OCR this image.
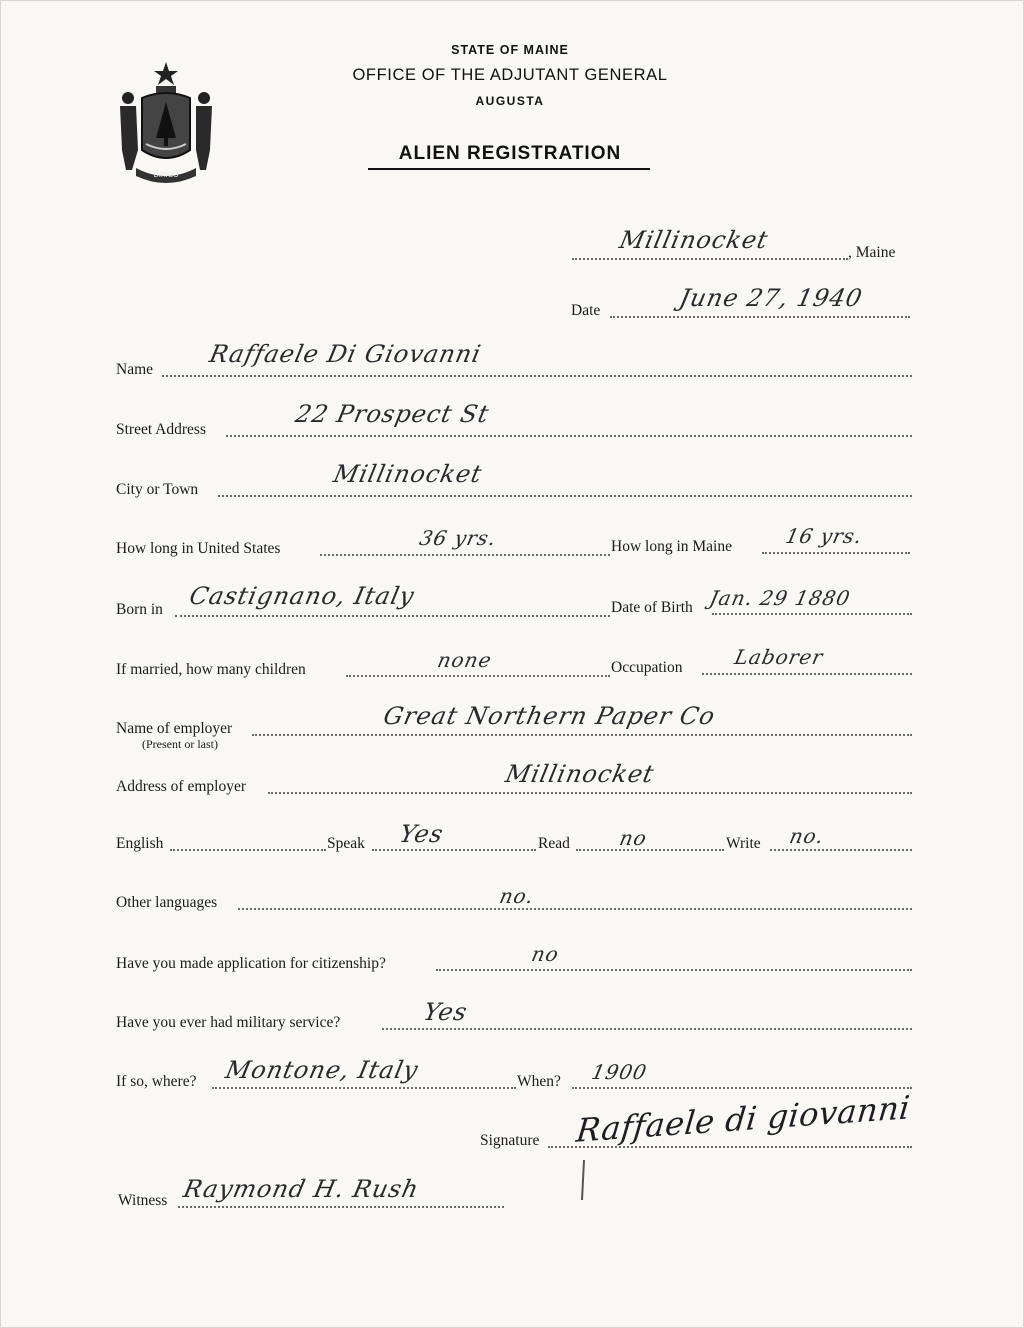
DIRIGO
STATE OF MAINE
OFFICE OF THE ADJUTANT GENERAL
AUGUSTA
ALIEN REGISTRATION
Millinocket	, Maine
Date	June 27, 1940
Name
Raffaele Di Giovanni
Street Address
22 Prospect St
City or Town
Millinocket
How long in United States	36 yrs.	How long in Maine	16 yrs.
Born in Castignano, Italy	Date of Birth Jan. 29 1880
If married, how many children	none	Occupation Laborer
Name of employer
(Present or last)
Great Northern Paper Co
Address of employer	Millinocket
English	Speak Yes	Read no	Write no.
Other languages	no.
Have you made application for citizenship?	no
Have you ever had military service?	Yes
If so, where? Montone, Italy	When? 1900
Signature Raffaele di giovanni
Witness Raymond H. Rush
